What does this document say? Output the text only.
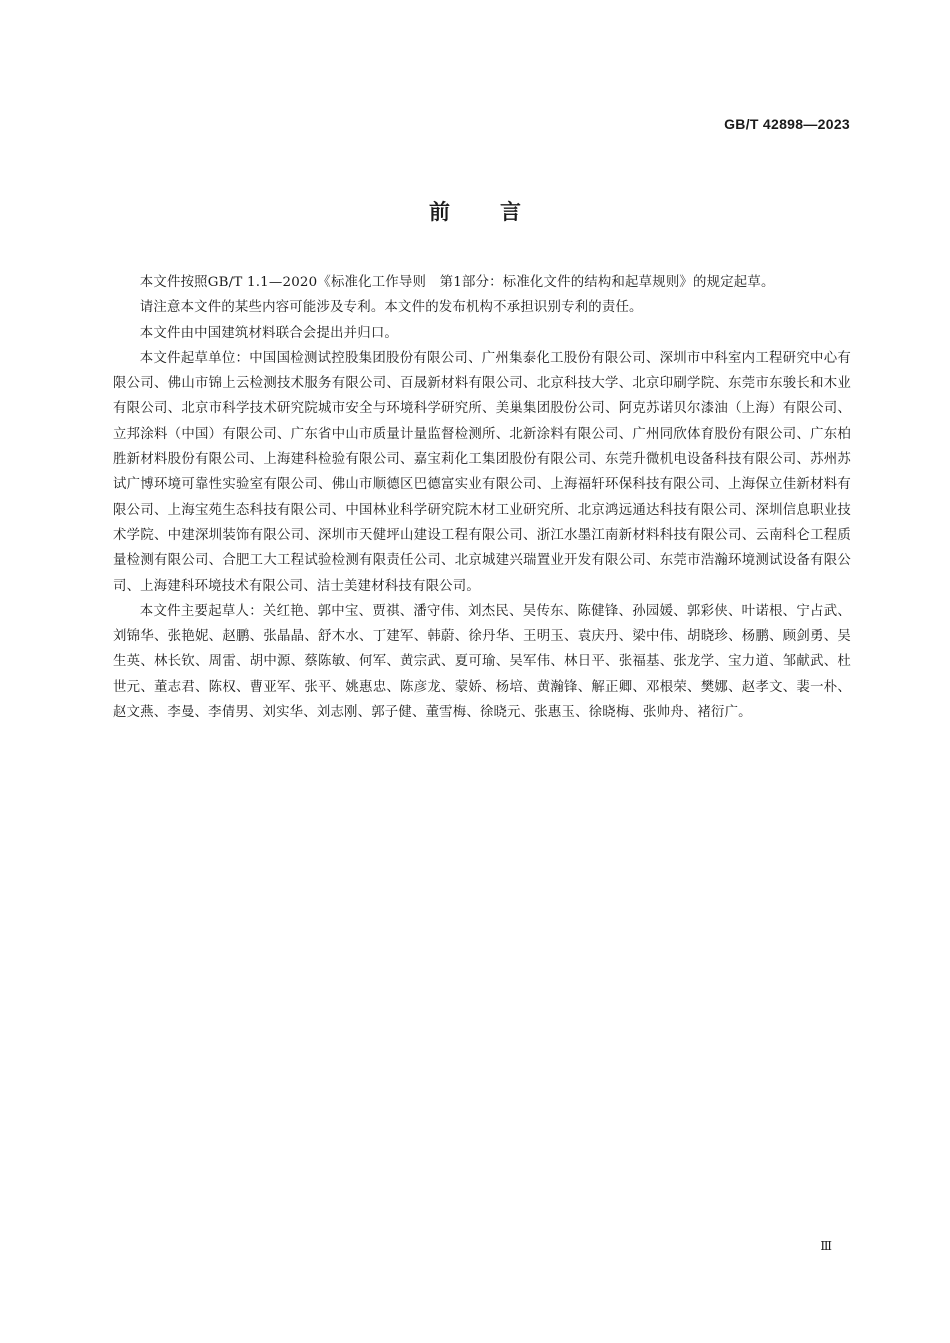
GB/T 42898—2023
前 言

本文件按照GB/T 1.1—2020《标准化工作导则　第1部分：标准化文件的结构和起草规则》的规定起草。

请注意本文件的某些内容可能涉及专利。本文件的发布机构不承担识别专利的责任。

本文件由中国建筑材料联合会提出并归口。

本文件起草单位：中国国检测试控股集团股份有限公司、广州集泰化工股份有限公司、深圳市中科室内工程研究中心有限公司、佛山市锦上云检测技术服务有限公司、百晟新材料有限公司、北京科技大学、北京印刷学院、东莞市东骏长和木业有限公司、北京市科学技术研究院城市安全与环境科学研究所、美巢集团股份公司、阿克苏诺贝尔漆油（上海）有限公司、立邦涂料（中国）有限公司、广东省中山市质量计量监督检测所、北新涂料有限公司、广州同欣体育股份有限公司、广东柏胜新材料股份有限公司、上海建科检验有限公司、嘉宝莉化工集团股份有限公司、东莞升微机电设备科技有限公司、苏州苏试广博环境可靠性实验室有限公司、佛山市顺德区巴德富实业有限公司、上海福轩环保科技有限公司、上海保立佳新材料有限公司、上海宝苑生态科技有限公司、中国林业科学研究院木材工业研究所、北京鸿远通达科技有限公司、深圳信息职业技术学院、中建深圳装饰有限公司、深圳市天健坪山建设工程有限公司、浙江水墨江南新材料科技有限公司、云南科仑工程质量检测有限公司、合肥工大工程试验检测有限责任公司、北京城建兴瑞置业开发有限公司、东莞市浩瀚环境测试设备有限公司、上海建科环境技术有限公司、洁士美建材科技有限公司。

本文件主要起草人：关红艳、郭中宝、贾祺、潘守伟、刘杰民、吴传东、陈健锋、孙园媛、郭彩侠、叶诺根、宁占武、刘锦华、张艳妮、赵鹏、张晶晶、舒木水、丁建军、韩蔚、徐丹华、王明玉、袁庆丹、梁中伟、胡晓珍、杨鹏、顾剑勇、吴生英、林长钦、周雷、胡中源、蔡陈敏、何军、黄宗武、夏可瑜、吴军伟、林日平、张福基、张龙学、宝力道、邹献武、杜世元、董志君、陈权、曹亚军、张平、姚惠忠、陈彦龙、蒙娇、杨培、黄瀚锋、解正卿、邓根荣、樊娜、赵孝文、裴一朴、赵文燕、李曼、李倩男、刘实华、刘志刚、郭子健、董雪梅、徐晓元、张惠玉、徐晓梅、张帅舟、褚衍广。

Ⅲ
